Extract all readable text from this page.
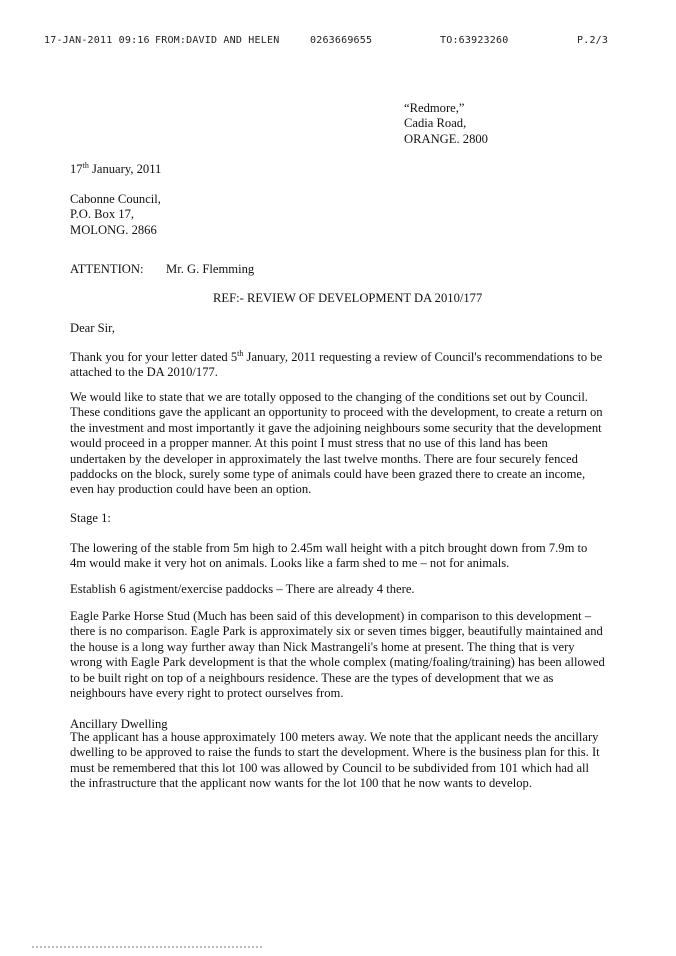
17-JAN-2011 09:16 FROM:DAVID AND HELEN	0263669655	TO:63923260	P.2/3
“Redmore,”
Cadia Road,
ORANGE. 2800
17th January, 2011
Cabonne Council,
P.O. Box 17,
MOLONG. 2866
ATTENTION: Mr. G. Flemming
REF:- REVIEW OF DEVELOPMENT DA 2010/177
Dear Sir,

Thank you for your letter dated 5th January, 2011 requesting a review of Council's recommendations to be attached to the DA 2010/177.

We would like to state that we are totally opposed to the changing of the conditions set out by Council. These conditions gave the applicant an opportunity to proceed with the development, to create a return on the investment and most importantly it gave the adjoining neighbours some security that the development would proceed in a propper manner. At this point I must stress that no use of this land has been undertaken by the developer in approximately the last twelve months. There are four securely fenced paddocks on the block, surely some type of animals could have been grazed there to create an income, even hay production could have been an option.

Stage 1:

The lowering of the stable from 5m high to 2.45m wall height with a pitch brought down from 7.9m to 4m would make it very hot on animals. Looks like a farm shed to me – not for animals.

Establish 6 agistment/exercise paddocks – There are already 4 there.

Eagle Parke Horse Stud (Much has been said of this development) in comparison to this development – there is no comparison. Eagle Park is approximately six or seven times bigger, beautifully maintained and the house is a long way further away than Nick Mastrangeli's home at present. The thing that is very wrong with Eagle Park development is that the whole complex (mating/foaling/training) has been allowed to be built right on top of a neighbours residence. These are the types of development that we as neighbours have every right to protect ourselves from.

Ancillary Dwelling

The applicant has a house approximately 100 meters away. We note that the applicant needs the ancillary dwelling to be approved to raise the funds to start the development. Where is the business plan for this. It must be remembered that this lot 100 was allowed by Council to be subdivided from 101 which had all the infrastructure that the applicant now wants for the lot 100 that he now wants to develop.
